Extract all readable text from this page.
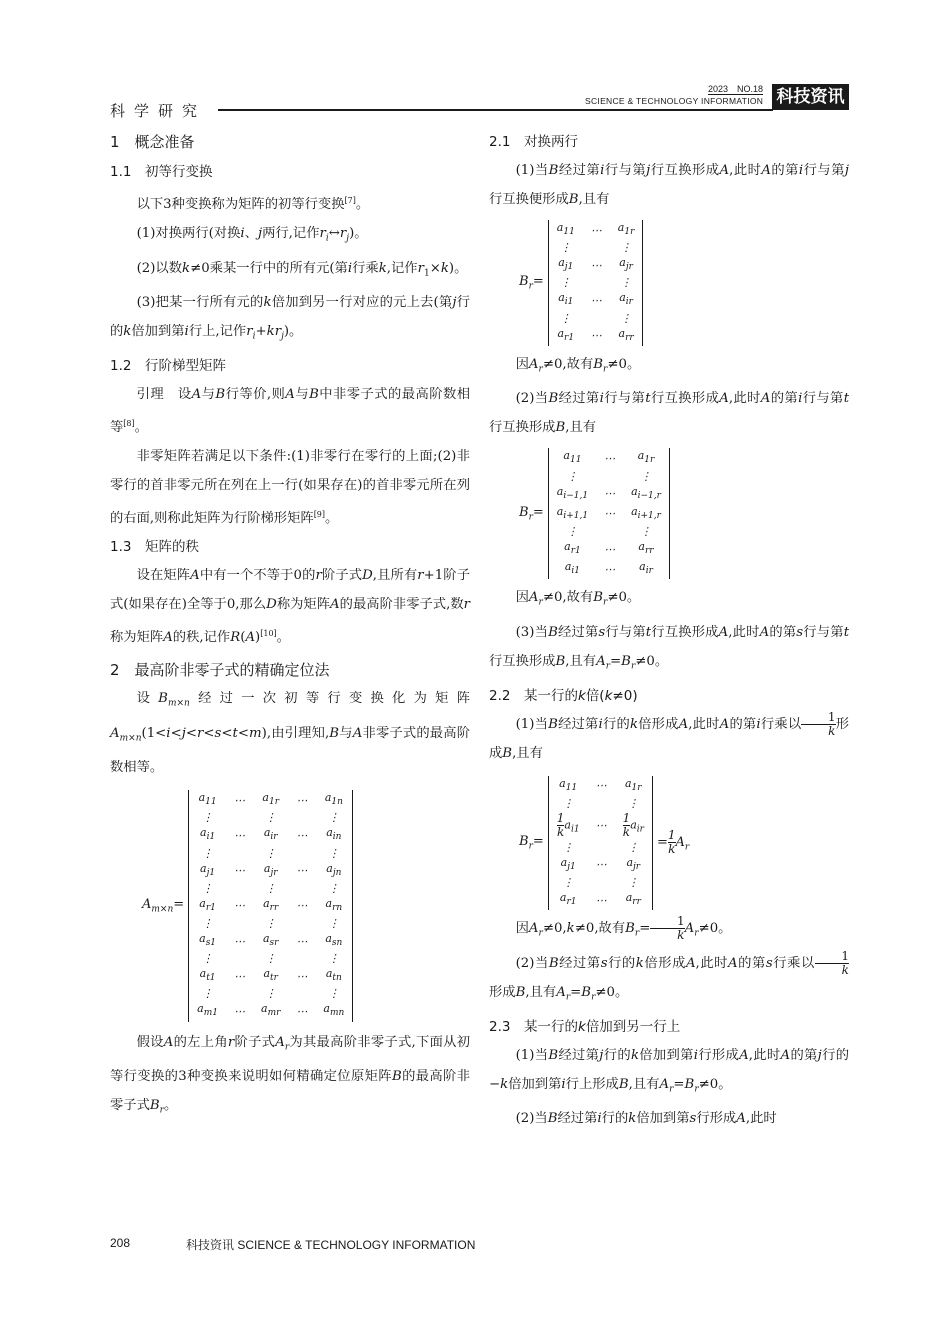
科学研究
2023　NO.18
SCIENCE & TECHNOLOGY INFORMATION 科技资讯
1　概念准备
1.1　初等行变换

以下3种变换称为矩阵的初等行变换[7]。

(1)对换两行(对换i、j两行,记作$r_i\leftrightarrow r_j$)。

(2)以数k≠0乘某一行中的所有元(第i行乘k,记作$r_1\times k$)。

(3)把某一行所有元的k倍加到另一行对应的元上去(第j行的k倍加到第i行上,记作$r_i+kr_j$)。

1.2　行阶梯型矩阵

引理　设A与B行等价,则A与B中非零子式的最高阶数相等[8]。

非零矩阵若满足以下条件:(1)非零行在零行的上面;(2)非零行的首非零元所在列在上一行(如果存在)的首非零元所在列的右面,则称此矩阵为行阶梯形矩阵[9]。

1.3　矩阵的秩

设在矩阵A中有一个不等于0的r阶子式D,且所有r+1阶子式(如果存在)全等于0,那么D称为矩阵A的最高阶非零子式,数r称为矩阵A的秩,记作R(A)[10]。

2　最高阶非零子式的精确定位法

设$B_{m\times n}$经过一次初等行变换化为矩阵$A_{m\times n}(1<i<j<r<s<t<m)$,由引理知,B与A非零子式的最高阶数相等。

$A_{m\times n}=$
$a_{11}$	⋯	$a_{1r}$	⋯	$a_{1n}$
⋮		⋮		⋮
$a_{i1}$	⋯	$a_{ir}$	⋯	$a_{in}$
⋮		⋮		⋮
$a_{j1}$	⋯	$a_{jr}$	⋯	$a_{jn}$
⋮		⋮		⋮
$a_{r1}$	⋯	$a_{rr}$	⋯	$a_{rn}$
⋮		⋮		⋮
$a_{s1}$	⋯	$a_{sr}$	⋯	$a_{sn}$
⋮		⋮		⋮
$a_{t1}$	⋯	$a_{tr}$	⋯	$a_{tn}$
⋮		⋮		⋮
$a_{m1}$	⋯	$a_{mr}$	⋯	$a_{mn}$

假设A的左上角r阶子式$A_r$为其最高阶非零子式,下面从初等行变换的3种变换来说明如何精确定位原矩阵B的最高阶非零子式$B_r$。

2.1　对换两行

(1)当B经过第i行与第j行互换形成A,此时A的第i行与第j行互换便形成B,且有

$B_r=$
$a_{11}$	⋯	$a_{1r}$
⋮		⋮
$a_{j1}$	⋯	$a_{jr}$
⋮		⋮
$a_{i1}$	⋯	$a_{ir}$
⋮		⋮
$a_{r1}$	⋯	$a_{rr}$

因$A_r\ne 0$,故有$B_r\ne 0$。

(2)当B经过第i行与第t行互换形成A,此时A的第i行与第t行互换形成B,且有

$B_r=$
$a_{11}$	⋯	$a_{1r}$
⋮		⋮
$a_{i-1,1}$	⋯	$a_{i-1,r}$
$a_{i+1,1}$	⋯	$a_{i+1,r}$
⋮		⋮
$a_{r1}$	⋯	$a_{rr}$
$a_{i1}$	⋯	$a_{ir}$

因$A_r\ne 0$,故有$B_r\ne 0$。

(3)当B经过第s行与第t行互换形成A,此时A的第s行与第t行互换形成B,且有$A_r=B_r\ne 0$。

2.2　某一行的k倍(k≠0)

(1)当B经过第i行的k倍形成A,此时A的第i行乘以 $\frac{1}{k}$ 形成B,且有

$B_r=$
$a_{11}$	⋯	$a_{1r}$
⋮		⋮

$\frac{1}{k} a_{i1}$	⋯	$\frac{1}{k} a_{ir}$
⋮		⋮
$a_{j1}$	⋯	$a_{jr}$
⋮		⋮
$a_{r1}$	⋯	$a_{rr}$
= $\frac{1}{k} A_r$

因$A_r\ne 0,k\ne 0$,故有$B_r= \frac{1}{k} A_r\ne 0$。

(2)当B经过第s行的k倍形成A,此时A的第s行乘以 $\frac{1}{k}$
形成B,且有$A_r=B_r\ne 0$。

2.3　某一行的k倍加到另一行上

(1)当B经过第j行的k倍加到第i行形成A,此时A的第j行的−k倍加到第i行上形成B,且有$A_r=B_r\ne 0$。

(2)当B经过第i行的k倍加到第s行形成A,此时

208	科技资讯 SCIENCE & TECHNOLOGY INFORMATION
